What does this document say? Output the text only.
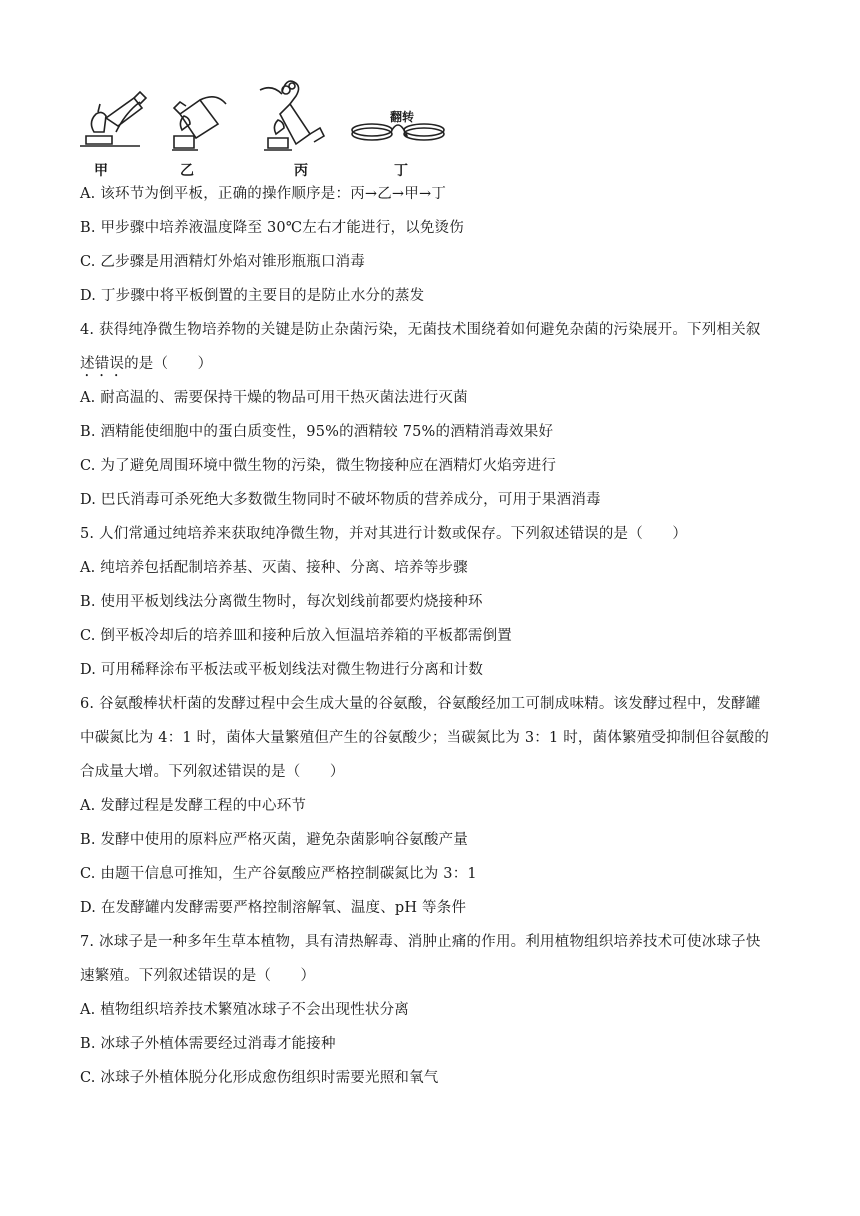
甲	乙	丙	丁
翻转
A. 该环节为倒平板，正确的操作顺序是：丙→乙→甲→丁
B. 甲步骤中培养液温度降至 30℃左右才能进行，以免烫伤
C. 乙步骤是用酒精灯外焰对锥形瓶瓶口消毒
D. 丁步骤中将平板倒置的主要目的是防止水分的蒸发
4. 获得纯净微生物培养物的关键是防止杂菌污染，无菌技术围绕着如何避免杂菌的污染展开。下列相关叙
述错误的是（　　）
A. 耐高温的、需要保持干燥的物品可用干热灭菌法进行灭菌
B. 酒精能使细胞中的蛋白质变性，95%的酒精较 75%的酒精消毒效果好
C. 为了避免周围环境中微生物的污染，微生物接种应在酒精灯火焰旁进行
D. 巴氏消毒可杀死绝大多数微生物同时不破坏物质的营养成分，可用于果酒消毒
5. 人们常通过纯培养来获取纯净微生物，并对其进行计数或保存。下列叙述错误的是（　　）
A. 纯培养包括配制培养基、灭菌、接种、分离、培养等步骤
B. 使用平板划线法分离微生物时，每次划线前都要灼烧接种环
C. 倒平板冷却后的培养皿和接种后放入恒温培养箱的平板都需倒置
D. 可用稀释涂布平板法或平板划线法对微生物进行分离和计数
6. 谷氨酸棒状杆菌的发酵过程中会生成大量的谷氨酸，谷氨酸经加工可制成味精。该发酵过程中，发酵罐
中碳氮比为 4：1 时，菌体大量繁殖但产生的谷氨酸少；当碳氮比为 3：1 时，菌体繁殖受抑制但谷氨酸的
合成量大增。下列叙述错误的是（　　）
A. 发酵过程是发酵工程的中心环节
B. 发酵中使用的原料应严格灭菌，避免杂菌影响谷氨酸产量
C. 由题干信息可推知，生产谷氨酸应严格控制碳氮比为 3：1
D. 在发酵罐内发酵需要严格控制溶解氧、温度、pH 等条件
7. 冰球子是一种多年生草本植物，具有清热解毒、消肿止痛的作用。利用植物组织培养技术可使冰球子快
速繁殖。下列叙述错误的是（　　）
A. 植物组织培养技术繁殖冰球子不会出现性状分离
B. 冰球子外植体需要经过消毒才能接种
C. 冰球子外植体脱分化形成愈伤组织时需要光照和氧气
